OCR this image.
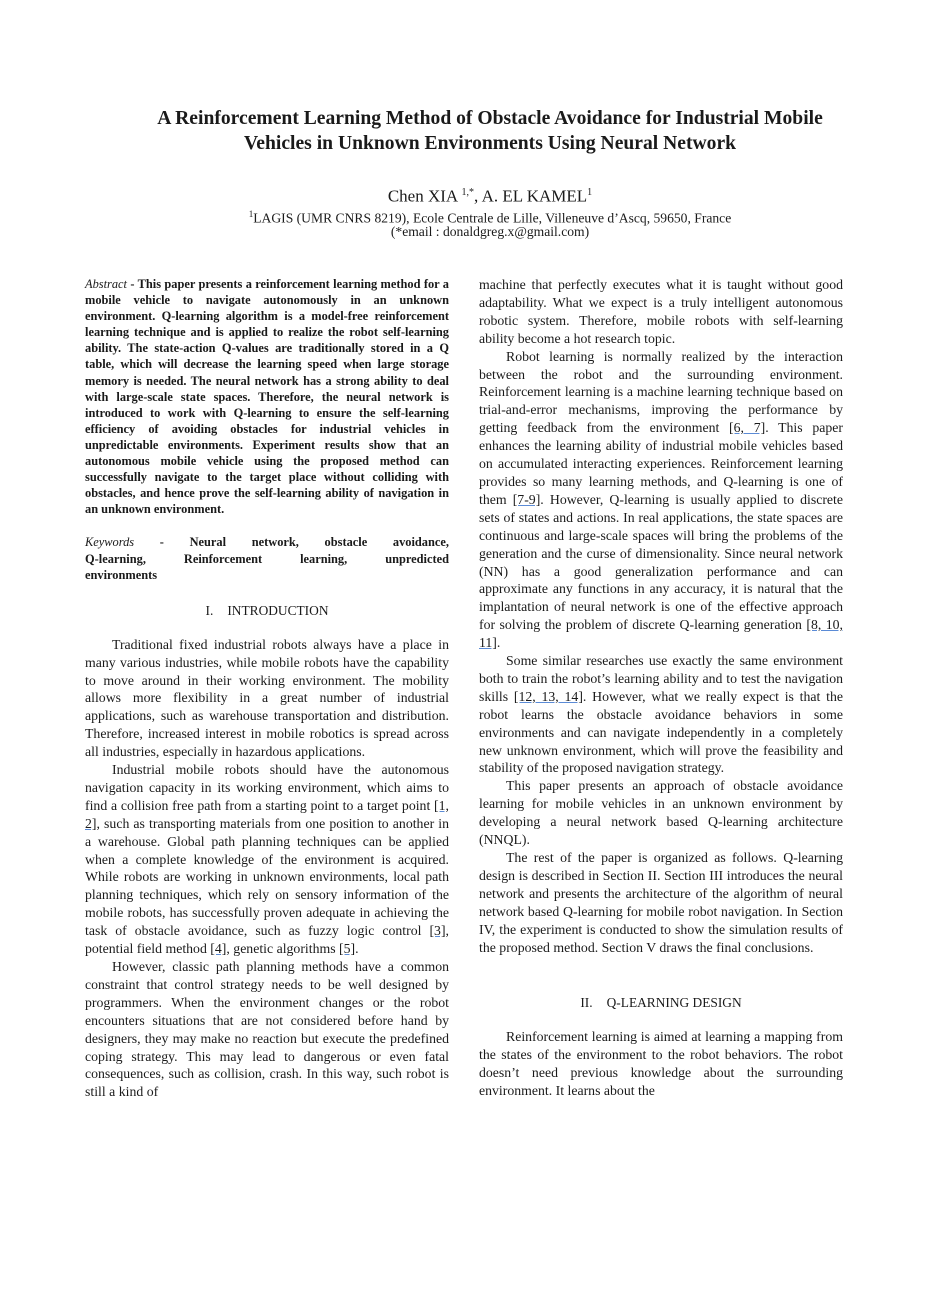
A Reinforcement Learning Method of Obstacle Avoidance for Industrial Mobile
Vehicles in Unknown Environments Using Neural Network
Chen XIA $^{1,*}$, A. EL KAMEL$^1$
$^1$LAGIS (UMR CNRS 8219), Ecole Centrale de Lille, Villeneuve d’Ascq, 59650, France
(*email : donaldgreg.x@gmail.com)

Abstract - This paper presents a reinforcement learning method for a mobile vehicle to navigate autonomously in an unknown environment. Q-learning algorithm is a model-free reinforcement learning technique and is applied to realize the robot self-learning ability. The state-action Q-values are traditionally stored in a Q table, which will decrease the learning speed when large storage memory is needed. The neural network has a strong ability to deal with large-scale state spaces. Therefore, the neural network is introduced to work with Q-learning to ensure the self-learning efficiency of avoiding obstacles for industrial vehicles in unpredictable environments. Experiment results show that an autonomous mobile vehicle using the proposed method can successfully navigate to the target place without colliding with obstacles, and hence prove the self-learning ability of navigation in an unknown environment.

Keywords - Neural network, obstacle avoidance,
Q-learning, Reinforcement learning, unpredicted
environments

I. INTRODUCTION

Traditional fixed industrial robots always have a place in many various industries, while mobile robots have the capability to move around in their working environment. The mobility allows more flexibility in a great number of industrial applications, such as warehouse transportation and distribution. Therefore, increased interest in mobile robotics is spread across all industries, especially in hazardous applications.

Industrial mobile robots should have the autonomous navigation capacity in its working environment, which aims to find a collision free path from a starting point to a target point [1, 2], such as transporting materials from one position to another in a warehouse. Global path planning techniques can be applied when a complete knowledge of the environment is acquired. While robots are working in unknown environments, local path planning techniques, which rely on sensory information of the mobile robots, has successfully proven adequate in achieving the task of obstacle avoidance, such as fuzzy logic control [3], potential field method [4], genetic algorithms [5].

However, classic path planning methods have a common constraint that control strategy needs to be well designed by programmers. When the environment changes or the robot encounters situations that are not considered before hand by designers, they may make no reaction but execute the predefined coping strategy. This may lead to dangerous or even fatal consequences, such as collision, crash. In this way, such robot is still a kind of

machine that perfectly executes what it is taught without good adaptability. What we expect is a truly intelligent autonomous robotic system. Therefore, mobile robots with self-learning ability become a hot research topic.

Robot learning is normally realized by the interaction between the robot and the surrounding environment. Reinforcement learning is a machine learning technique based on trial-and-error mechanisms, improving the performance by getting feedback from the environment [6, 7]. This paper enhances the learning ability of industrial mobile vehicles based on accumulated interacting experiences. Reinforcement learning provides so many learning methods, and Q-learning is one of them [7-9]. However, Q-learning is usually applied to discrete sets of states and actions. In real applications, the state spaces are continuous and large-scale spaces will bring the problems of the generation and the curse of dimensionality. Since neural network (NN) has a good generalization performance and can approximate any functions in any accuracy, it is natural that the implantation of neural network is one of the effective approach for solving the problem of discrete Q-learning generation [8, 10, 11].

Some similar researches use exactly the same environment both to train the robot’s learning ability and to test the navigation skills [12, 13, 14]. However, what we really expect is that the robot learns the obstacle avoidance behaviors in some environments and can navigate independently in a completely new unknown environment, which will prove the feasibility and stability of the proposed navigation strategy.

This paper presents an approach of obstacle avoidance learning for mobile vehicles in an unknown environment by developing a neural network based Q-learning architecture (NNQL).

The rest of the paper is organized as follows. Q-learning design is described in Section II. Section III introduces the neural network and presents the architecture of the algorithm of neural network based Q-learning for mobile robot navigation. In Section IV, the experiment is conducted to show the simulation results of the proposed method. Section V draws the final conclusions.

II. Q-LEARNING DESIGN

Reinforcement learning is aimed at learning a mapping from the states of the environment to the robot behaviors. The robot doesn’t need previous knowledge about the surrounding environment. It learns about the
